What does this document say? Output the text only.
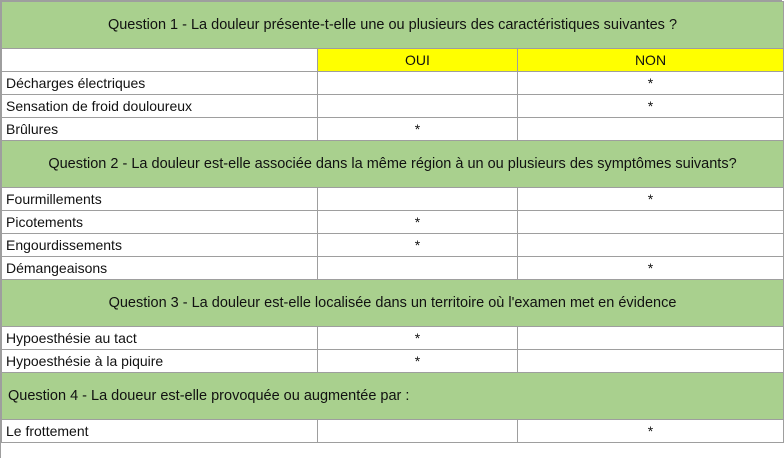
Question 1 - La douleur présente-t-elle une ou plusieurs des caractéristiques suivantes ?		
	OUI	NON
Décharges électriques		*
Sensation de froid douloureux		*
Brûlures	*	
Question 2 - La douleur est-elle associée dans la même région à un ou plusieurs des symptômes suivants?		
Fourmillements		*
Picotements	*	
Engourdissements	*	
Démangeaisons		*
Question 3 - La douleur est-elle localisée dans un territoire où l'examen met en évidence		
Hypoesthésie au tact	*	
Hypoesthésie à la piquire	*	
Question 4 - La doueur est-elle provoquée ou augmentée par :		
Le frottement		*
